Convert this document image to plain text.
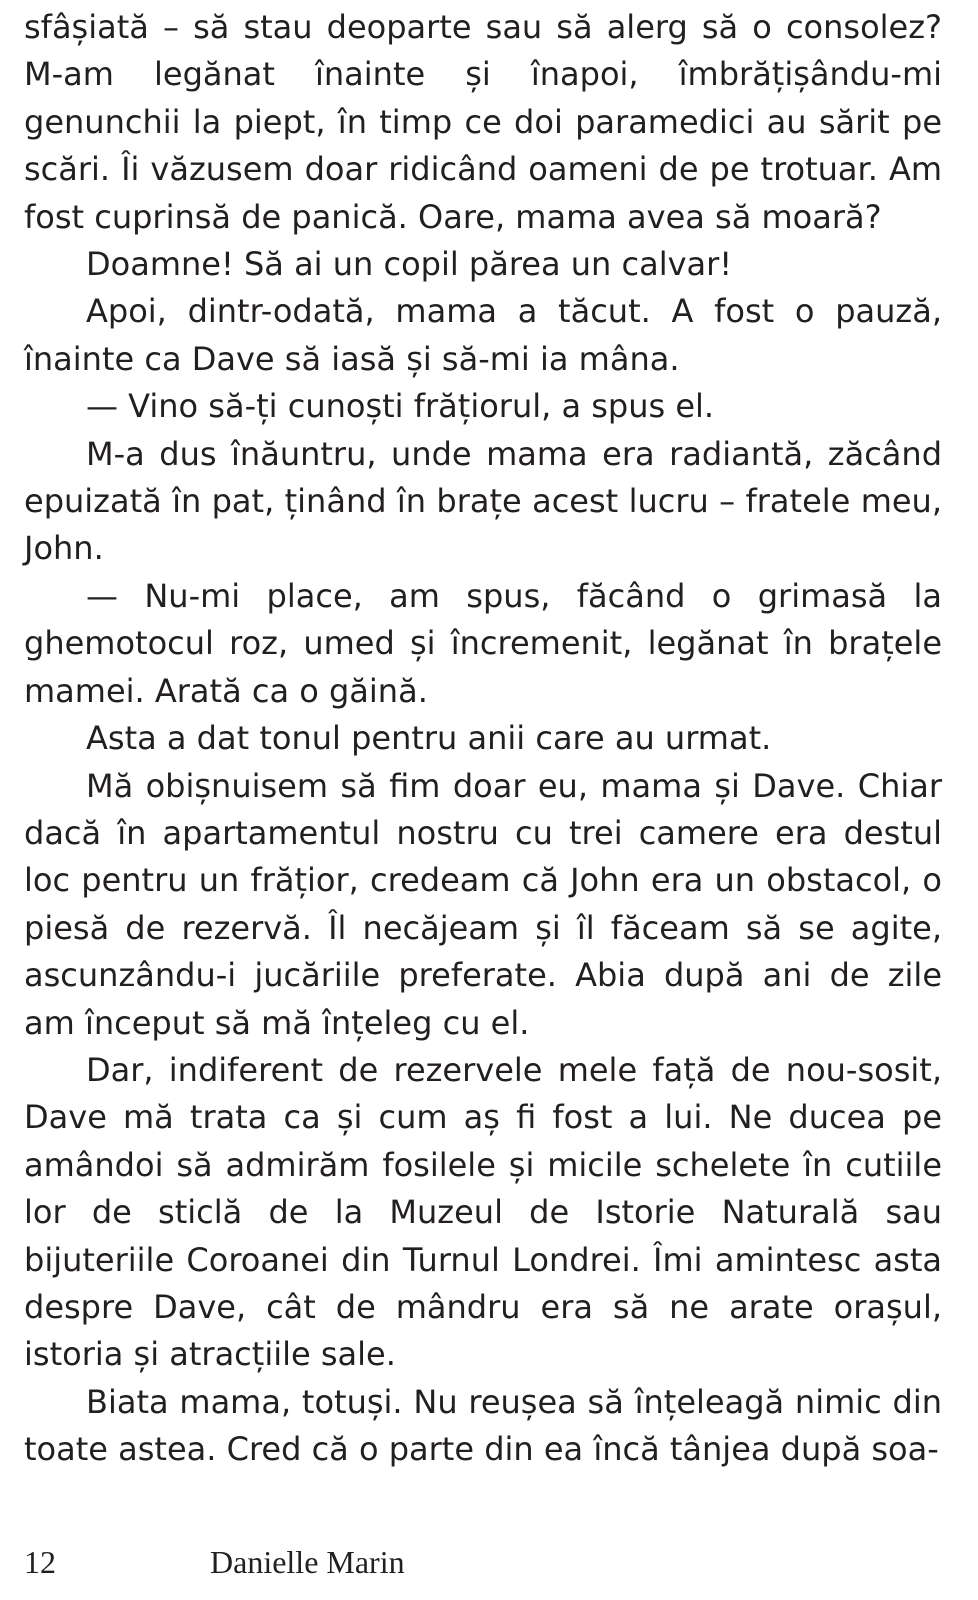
sfâșiată – să stau deoparte sau să alerg să o consolez? M-am legănat înainte și înapoi, îmbrățișându-mi genunchii la piept, în timp ce doi paramedici au sărit pe scări. Îi văzusem doar ridicând oameni de pe trotuar. Am fost cuprinsă de panică. Oare, mama avea să moară?

Doamne! Să ai un copil părea un calvar!

Apoi, dintr-odată, mama a tăcut. A fost o pauză, înainte ca Dave să iasă și să-mi ia mâna.

— Vino să-ți cunoști frățiorul, a spus el.

M-a dus înăuntru, unde mama era radiantă, zăcând epuizată în pat, ținând în brațe acest lucru – fratele meu, John.

— Nu-mi place, am spus, făcând o grimasă la ghemotocul roz, umed și încremenit, legănat în brațele mamei. Arată ca o găină.

Asta a dat tonul pentru anii care au urmat.

Mă obișnuisem să fim doar eu, mama și Dave. Chiar dacă în apartamentul nostru cu trei camere era destul loc pentru un frățior, credeam că John era un obstacol, o piesă de rezervă. Îl necăjeam și îl făceam să se agite, ascunzându-i jucăriile preferate. Abia după ani de zile am început să mă înțeleg cu el.

Dar, indiferent de rezervele mele față de nou-sosit, Dave mă trata ca și cum aș fi fost a lui. Ne ducea pe amândoi să admirăm fosilele și micile schelete în cutiile lor de sticlă de la Muzeul de Istorie Naturală sau bijuteriile Coroanei din Turnul Londrei. Îmi amintesc asta despre Dave, cât de mândru era să ne arate orașul, istoria și atracțiile sale.

Biata mama, totuși. Nu reușea să înțeleagă nimic din toate astea. Cred că o parte din ea încă tânjea după soa-

12	Danielle Marin
